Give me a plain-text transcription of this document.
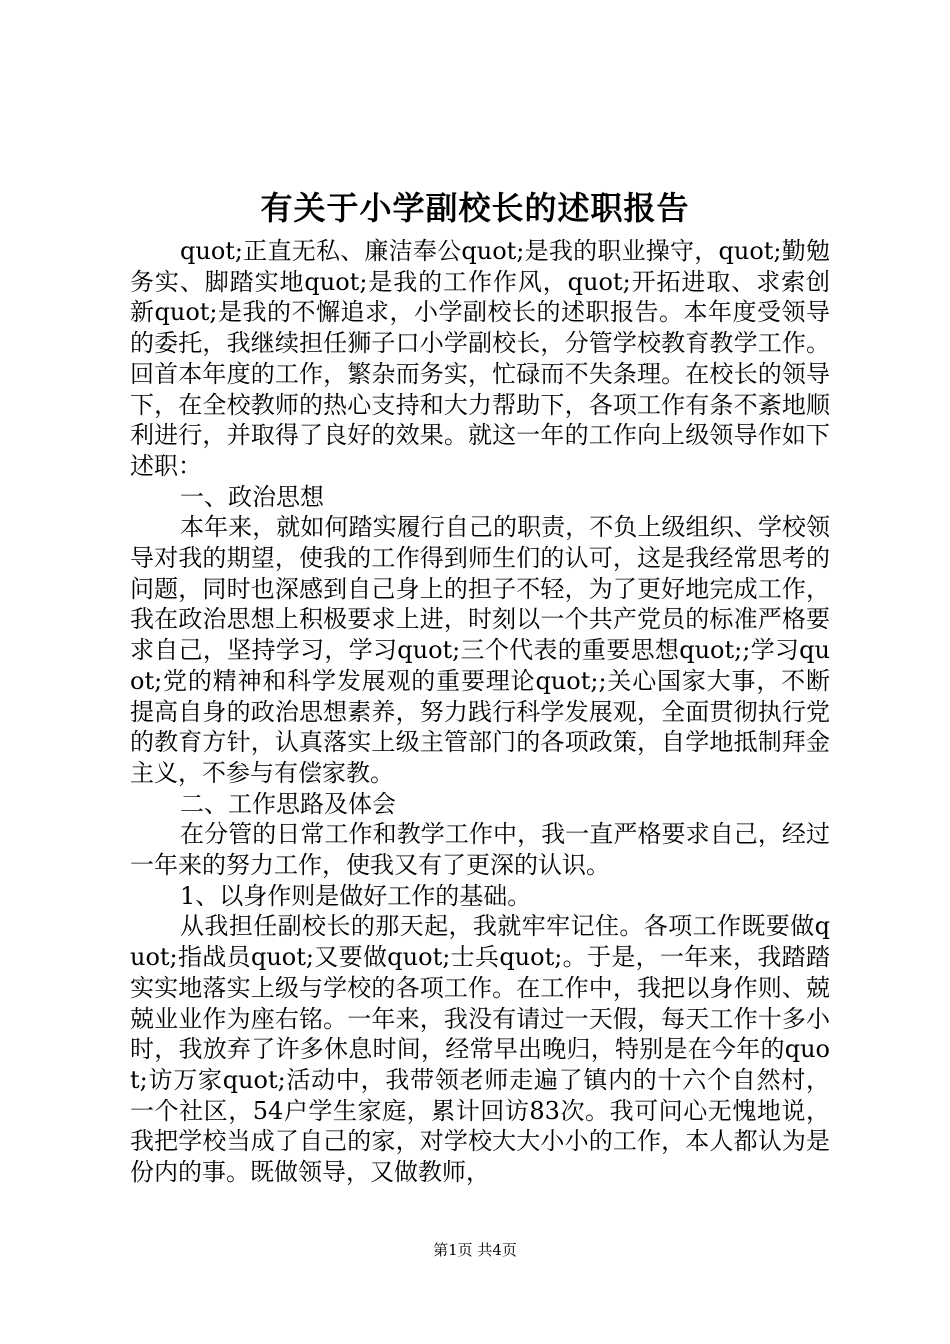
有关于小学副校长的述职报告

quot;正直无私、廉洁奉公quot;是我的职业操守，quot;勤勉务实、脚踏实地quot;是我的工作作风，quot;开拓进取、求索创新quot;是我的不懈追求，小学副校长的述职报告。本年度受领导的委托，我继续担任狮子口小学副校长，分管学校教育教学工作。回首本年度的工作，繁杂而务实，忙碌而不失条理。在校长的领导下，在全校教师的热心支持和大力帮助下，各项工作有条不紊地顺利进行，并取得了良好的效果。就这一年的工作向上级领导作如下述职：

一、政治思想

本年来，就如何踏实履行自己的职责，不负上级组织、学校领导对我的期望，使我的工作得到师生们的认可，这是我经常思考的问题，同时也深感到自己身上的担子不轻，为了更好地完成工作，我在政治思想上积极要求上进，时刻以一个共产党员的标准严格要求自己，坚持学习，学习quot;三个代表的重要思想quot;;学习quot;党的精神和科学发展观的重要理论quot;;关心国家大事，不断提高自身的政治思想素养，努力践行科学发展观，全面贯彻执行党的教育方针，认真落实上级主管部门的各项政策，自学地抵制拜金主义，不参与有偿家教。

二、工作思路及体会

在分管的日常工作和教学工作中，我一直严格要求自己，经过一年来的努力工作，使我又有了更深的认识。

1、以身作则是做好工作的基础。

从我担任副校长的那天起，我就牢牢记住。各项工作既要做quot;指战员quot;又要做quot;士兵quot;。于是，一年来，我踏踏实实地落实上级与学校的各项工作。在工作中，我把以身作则、兢兢业业作为座右铭。一年来，我没有请过一天假，每天工作十多小时，我放弃了许多休息时间，经常早出晚归，特别是在今年的quot;访万家quot;活动中，我带领老师走遍了镇内的十六个自然村，一个社区，54户学生家庭，累计回访83次。我可问心无愧地说，我把学校当成了自己的家，对学校大大小小的工作，本人都认为是份内的事。既做领导，又做教师，

第1页 共4页
